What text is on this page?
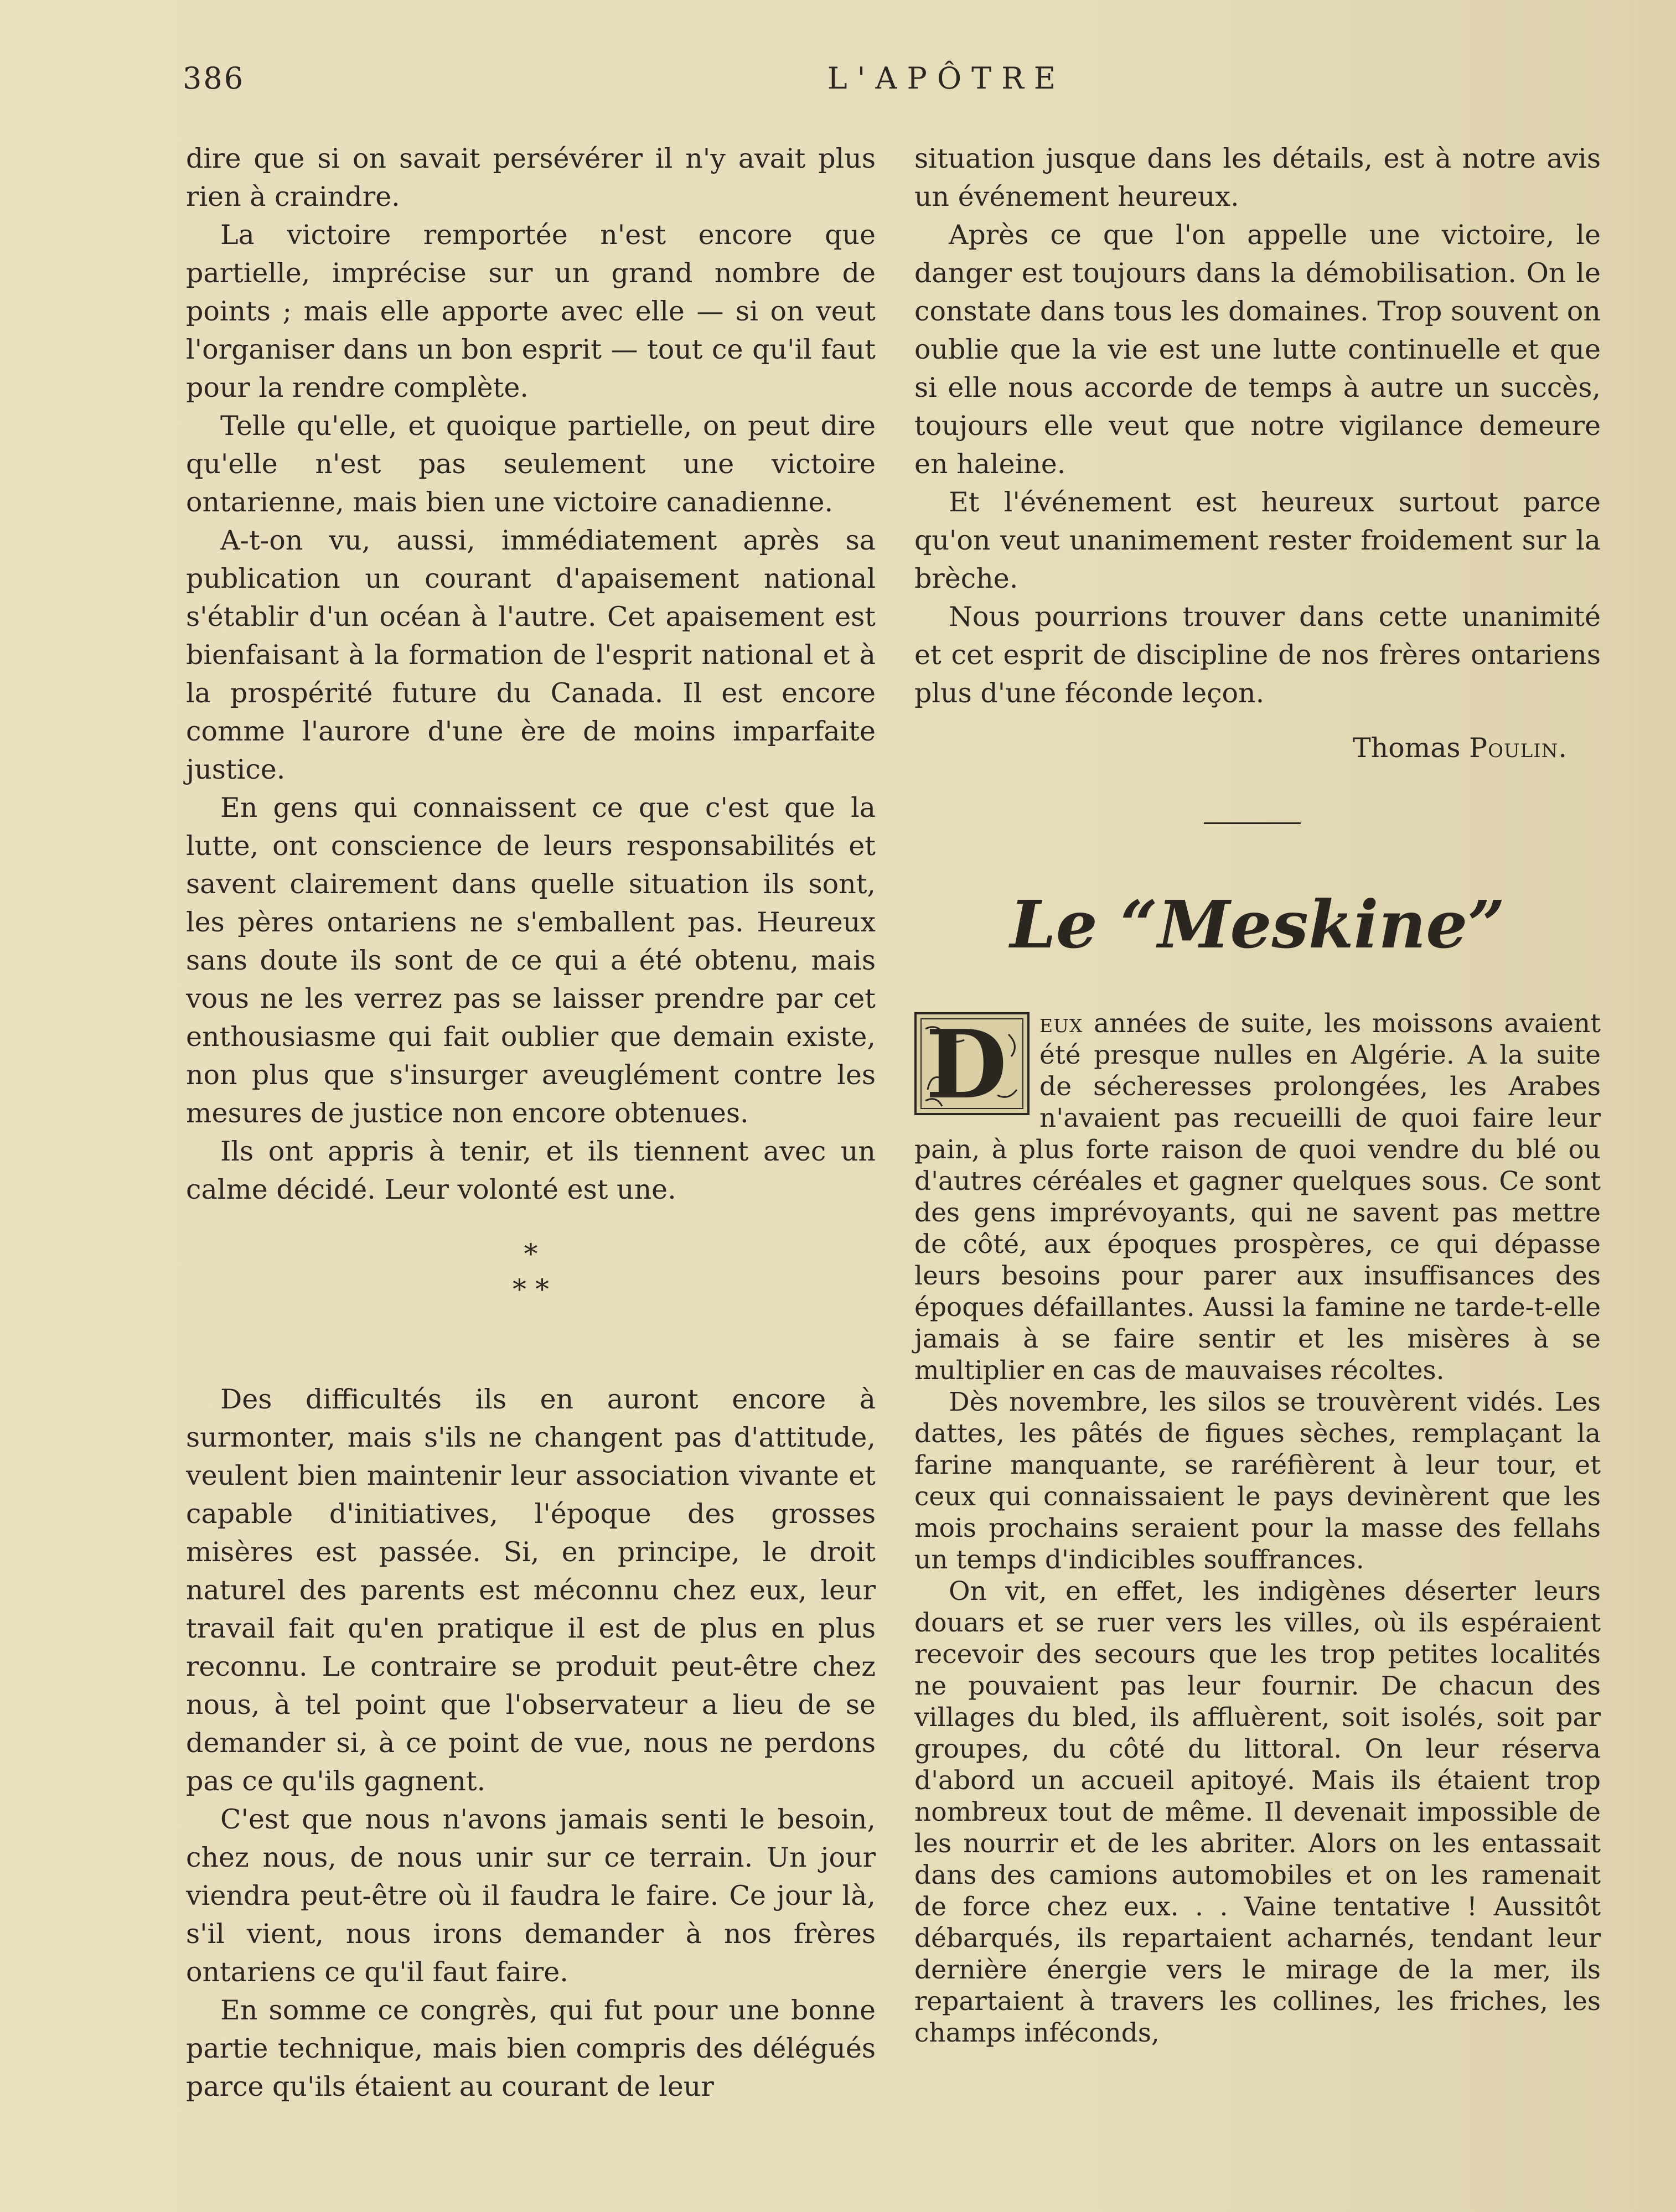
386	L'APÔTRE

dire que si on savait persévérer il n'y avait plus rien à craindre.

La victoire remportée n'est encore que partielle, imprécise sur un grand nombre de points ; mais elle apporte avec elle — si on veut l'organiser dans un bon esprit — tout ce qu'il faut pour la rendre complète.

Telle qu'elle, et quoique partielle, on peut dire qu'elle n'est pas seulement une victoire ontarienne, mais bien une victoire canadienne.

A-t-on vu, aussi, immédiatement après sa publication un courant d'apaisement national s'établir d'un océan à l'autre. Cet apaisement est bienfaisant à la formation de l'esprit national et à la prospérité future du Canada. Il est encore comme l'aurore d'une ère de moins imparfaite justice.

En gens qui connaissent ce que c'est que la lutte, ont conscience de leurs responsabilités et savent clairement dans quelle situation ils sont, les pères ontariens ne s'emballent pas. Heureux sans doute ils sont de ce qui a été obtenu, mais vous ne les verrez pas se laisser prendre par cet enthousiasme qui fait oublier que demain existe, non plus que s'insurger aveuglément contre les mesures de justice non encore obtenues.

Ils ont appris à tenir, et ils tiennent avec un calme décidé. Leur volonté est une.

*
* *

Des difficultés ils en auront encore à surmonter, mais s'ils ne changent pas d'attitude, veulent bien maintenir leur association vivante et capable d'initiatives, l'époque des grosses misères est passée. Si, en principe, le droit naturel des parents est méconnu chez eux, leur travail fait qu'en pratique il est de plus en plus reconnu. Le contraire se produit peut-être chez nous, à tel point que l'observateur a lieu de se demander si, à ce point de vue, nous ne perdons pas ce qu'ils gagnent.

C'est que nous n'avons jamais senti le besoin, chez nous, de nous unir sur ce terrain. Un jour viendra peut-être où il faudra le faire. Ce jour là, s'il vient, nous irons demander à nos frères ontariens ce qu'il faut faire.

En somme ce congrès, qui fut pour une bonne partie technique, mais bien compris des délégués parce qu'ils étaient au courant de leur

situation jusque dans les détails, est à notre avis un événement heureux.

Après ce que l'on appelle une victoire, le danger est toujours dans la démobilisation. On le constate dans tous les domaines. Trop souvent on oublie que la vie est une lutte continuelle et que si elle nous accorde de temps à autre un succès, toujours elle veut que notre vigilance demeure en haleine.

Et l'événement est heureux surtout parce qu'on veut unanimement rester froidement sur la brèche.

Nous pourrions trouver dans cette unanimité et cet esprit de discipline de nos frères ontariens plus d'une féconde leçon.

Thomas Poulin.
Le “Meskine”

D eux années de suite, les moissons avaient été presque nulles en Algérie. A la suite de sécheresses prolongées, les Arabes n'avaient pas recueilli de quoi faire leur pain, à plus forte raison de quoi vendre du blé ou d'autres céréales et gagner quelques sous. Ce sont des gens imprévoyants, qui ne savent pas mettre de côté, aux époques prospères, ce qui dépasse leurs besoins pour parer aux insuffisances des époques défaillantes. Aussi la famine ne tarde-t-elle jamais à se faire sentir et les misères à se multiplier en cas de mauvaises récoltes.

Dès novembre, les silos se trouvèrent vidés. Les dattes, les pâtés de figues sèches, remplaçant la farine manquante, se raréfièrent à leur tour, et ceux qui connaissaient le pays devinèrent que les mois prochains seraient pour la masse des fellahs un temps d'indicibles souffrances.

On vit, en effet, les indigènes déserter leurs douars et se ruer vers les villes, où ils espéraient recevoir des secours que les trop petites localités ne pouvaient pas leur fournir. De chacun des villages du bled, ils affluèrent, soit isolés, soit par groupes, du côté du littoral. On leur réserva d'abord un accueil apitoyé. Mais ils étaient trop nombreux tout de même. Il devenait impossible de les nourrir et de les abriter. Alors on les entassait dans des camions automobiles et on les ramenait de force chez eux. . . Vaine tentative ! Aussitôt débarqués, ils repartaient acharnés, tendant leur dernière énergie vers le mirage de la mer, ils repartaient à travers les collines, les friches, les champs inféconds,
